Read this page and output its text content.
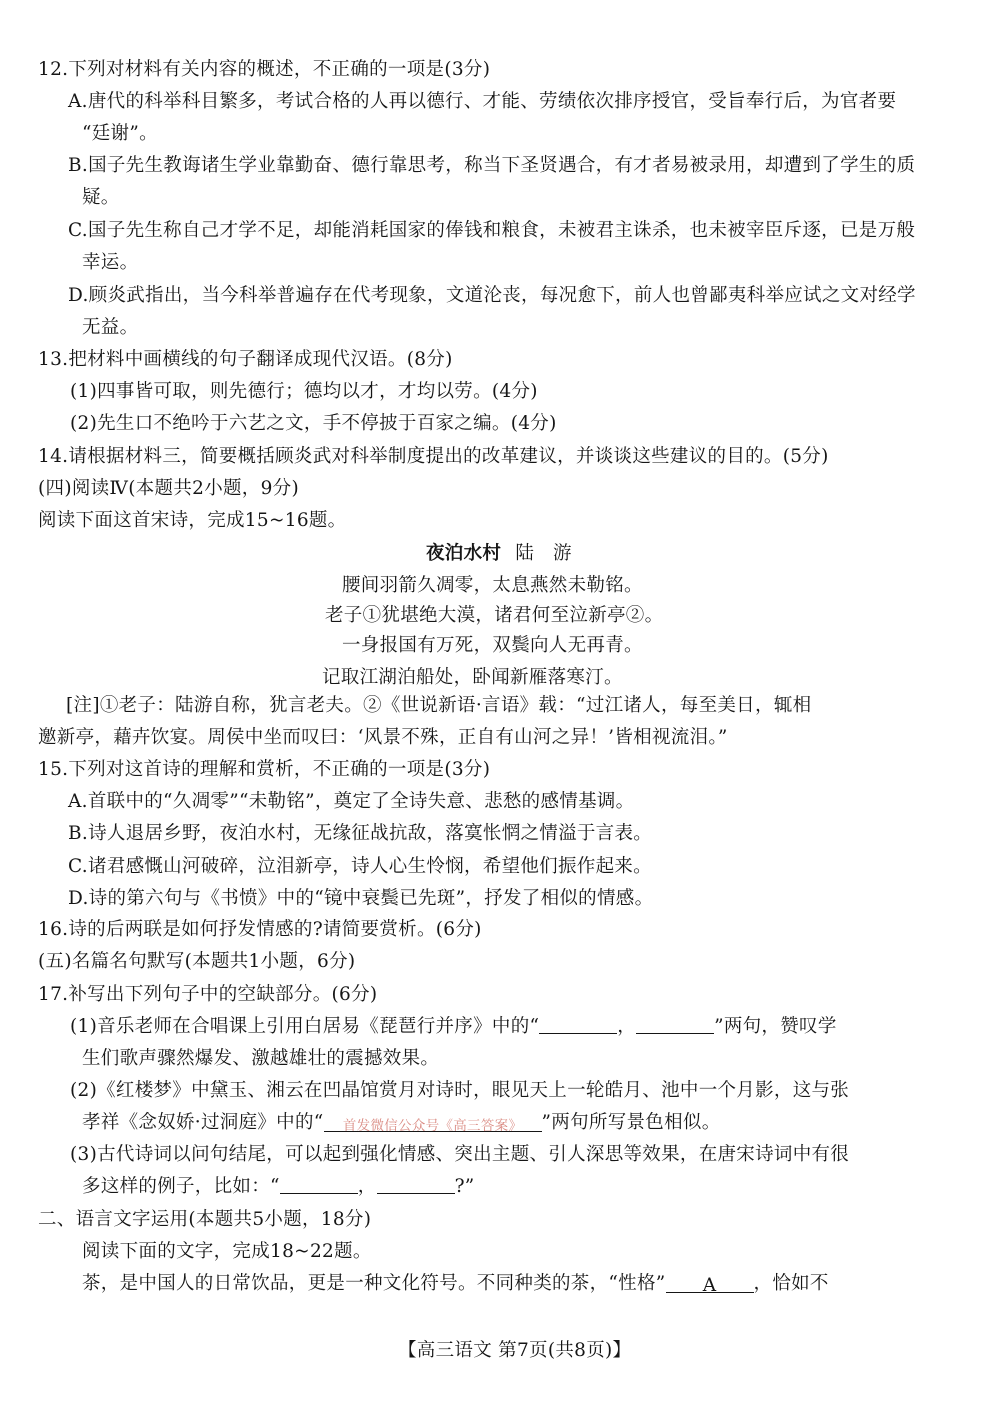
12.下列对材料有关内容的概述，不正确的一项是(3分)
A.唐代的科举科目繁多，考试合格的人再以德行、才能、劳绩依次排序授官，受旨奉行后，为官者要
“廷谢”。
B.国子先生教诲诸生学业靠勤奋、德行靠思考，称当下圣贤遇合，有才者易被录用，却遭到了学生的质
疑。
C.国子先生称自己才学不足，却能消耗国家的俸钱和粮食，未被君主诛杀，也未被宰臣斥逐，已是万般
幸运。
D.顾炎武指出，当今科举普遍存在代考现象，文道沦丧，每况愈下，前人也曾鄙夷科举应试之文对经学
无益。
13.把材料中画横线的句子翻译成现代汉语。(8分)
(1)四事皆可取，则先德行；德均以才，才均以劳。(4分)
(2)先生口不绝吟于六艺之文，手不停披于百家之编。(4分)
14.请根据材料三，简要概括顾炎武对科举制度提出的改革建议，并谈谈这些建议的目的。(5分)
(四)阅读Ⅳ(本题共2小题，9分)
阅读下面这首宋诗，完成15~16题。
夜泊水村 陆　游
腰间羽箭久凋零，太息燕然未勒铭。
老子①犹堪绝大漠，诸君何至泣新亭②。
一身报国有万死，双鬓向人无再青。
记取江湖泊船处，卧闻新雁落寒汀。
[注]①老子：陆游自称，犹言老夫。②《世说新语·言语》载：“过江诸人，每至美日，辄相
邀新亭，藉卉饮宴。周侯中坐而叹曰：‘风景不殊，正自有山河之异！’皆相视流泪。”
15.下列对这首诗的理解和赏析，不正确的一项是(3分)
A.首联中的“久凋零”“未勒铭”，奠定了全诗失意、悲愁的感情基调。
B.诗人退居乡野，夜泊水村，无缘征战抗敌，落寞怅惘之情溢于言表。
C.诸君感慨山河破碎，泣泪新亭，诗人心生怜悯，希望他们振作起来。
D.诗的第六句与《书愤》中的“镜中衰鬓已先斑”，抒发了相似的情感。
16.诗的后两联是如何抒发情感的?请简要赏析。(6分)
(五)名篇名句默写(本题共1小题，6分)
17.补写出下列句子中的空缺部分。(6分)
(1)音乐老师在合唱课上引用白居易《琵琶行并序》中的“	，	”两句，赞叹学
生们歌声骤然爆发、激越雄壮的震撼效果。
(2)《红楼梦》中黛玉、湘云在凹晶馆赏月对诗时，眼见天上一轮皓月、池中一个月影，这与张
孝祥《念奴娇·过洞庭》中的“ 首发微信公众号《高三答案》 ”两句所写景色相似。
(3)古代诗词以问句结尾，可以起到强化情感、突出主题、引人深思等效果，在唐宋诗词中有很
多这样的例子，比如：“	，	?”
二、语言文字运用(本题共5小题，18分)
阅读下面的文字，完成18~22题。
茶，是中国人的日常饮品，更是一种文化符号。不同种类的茶，“性格” A ，恰如不
【高三语文 第7页(共8页)】
